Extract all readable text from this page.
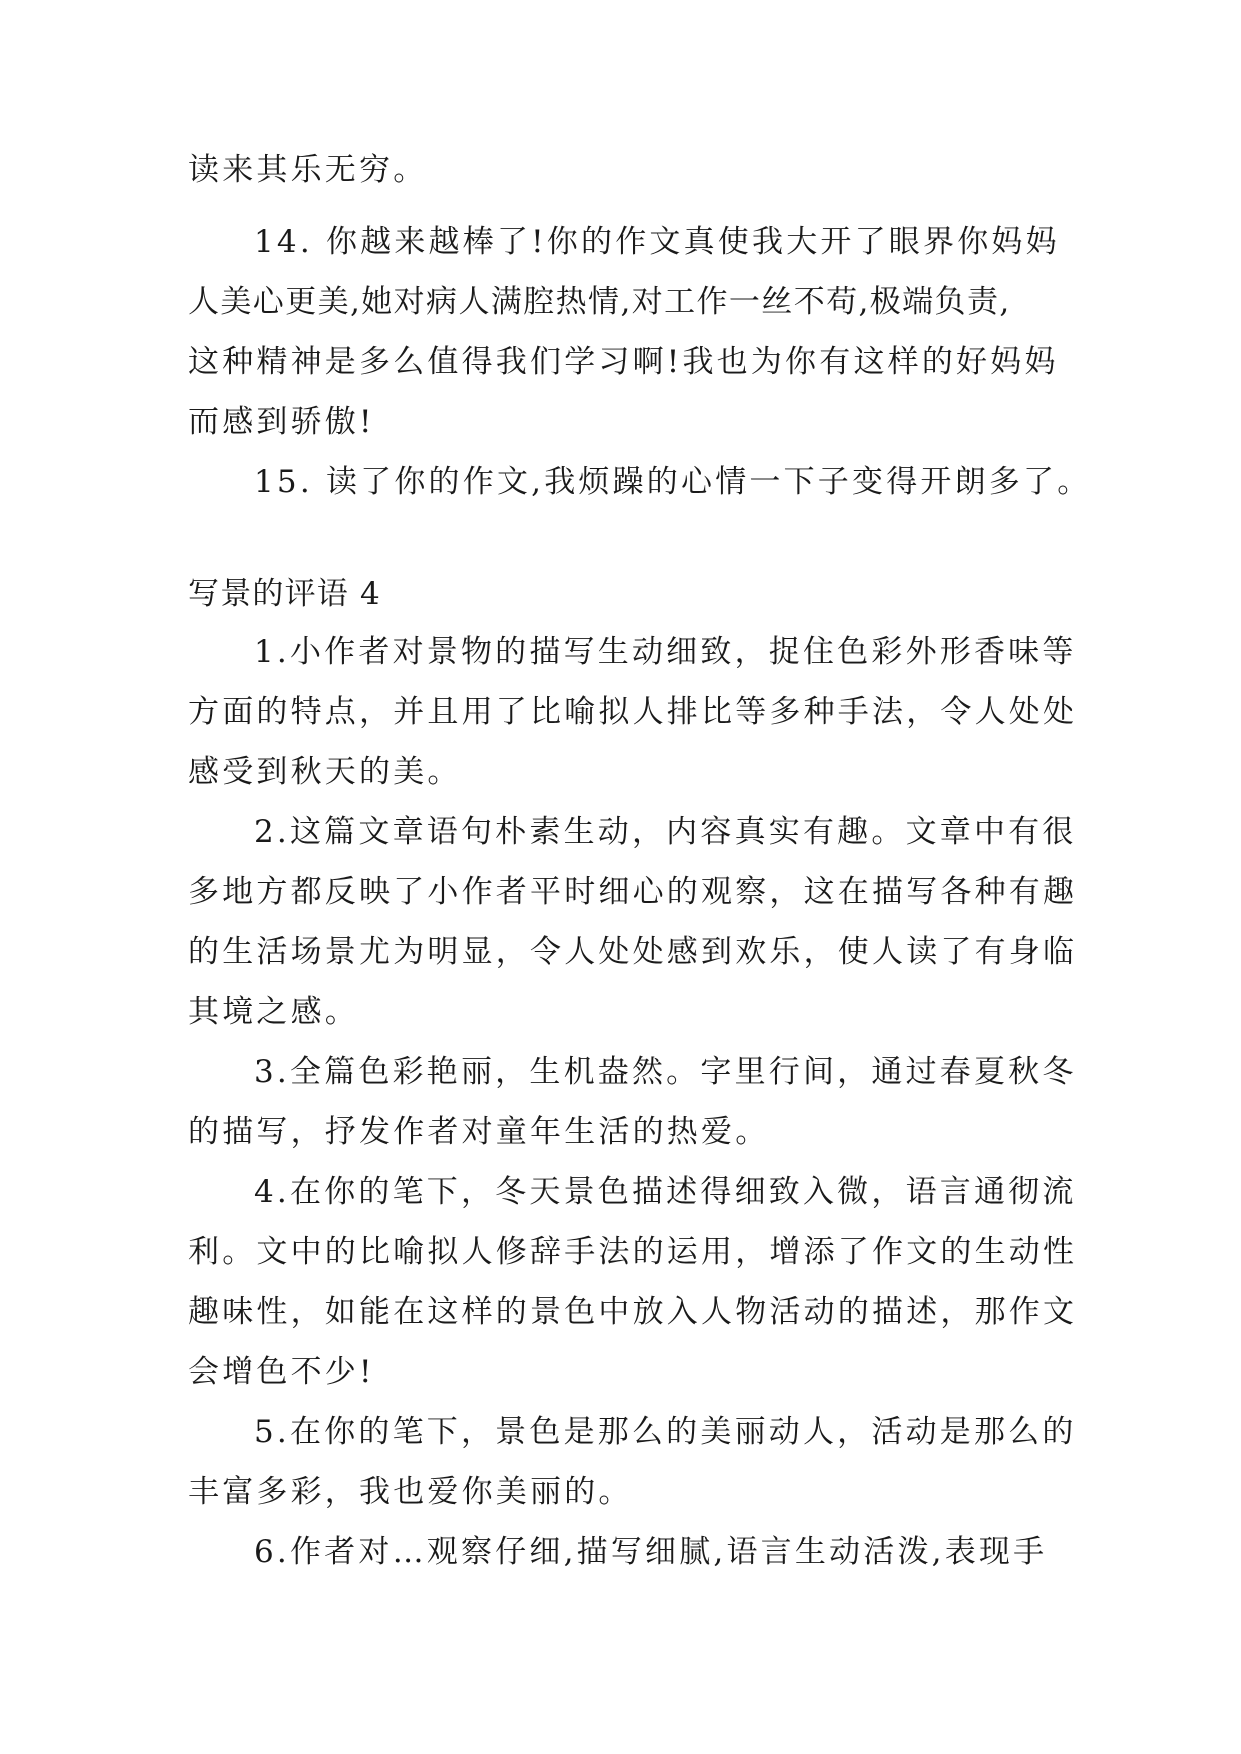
读来其乐无穷。
14. 你越来越棒了!你的作文真使我大开了眼界你妈妈
人美心更美,她对病人满腔热情,对工作一丝不苟,极端负责,
这种精神是多么值得我们学习啊!我也为你有这样的好妈妈
而感到骄傲!
15. 读了你的作文,我烦躁的心情一下子变得开朗多了。
写景的评语 4
1.小作者对景物的描写生动细致，捉住色彩外形香味等
方面的特点，并且用了比喻拟人排比等多种手法，令人处处
感受到秋天的美。
2.这篇文章语句朴素生动，内容真实有趣。文章中有很
多地方都反映了小作者平时细心的观察，这在描写各种有趣
的生活场景尤为明显，令人处处感到欢乐，使人读了有身临
其境之感。
3.全篇色彩艳丽，生机盎然。字里行间，通过春夏秋冬
的描写，抒发作者对童年生活的热爱。
4.在你的笔下，冬天景色描述得细致入微，语言通彻流
利。文中的比喻拟人修辞手法的运用，增添了作文的生动性
趣味性，如能在这样的景色中放入人物活动的描述，那作文
会增色不少!
5.在你的笔下，景色是那么的美丽动人，活动是那么的
丰富多彩，我也爱你美丽的。
6.作者对…观察仔细,描写细腻,语言生动活泼,表现手
